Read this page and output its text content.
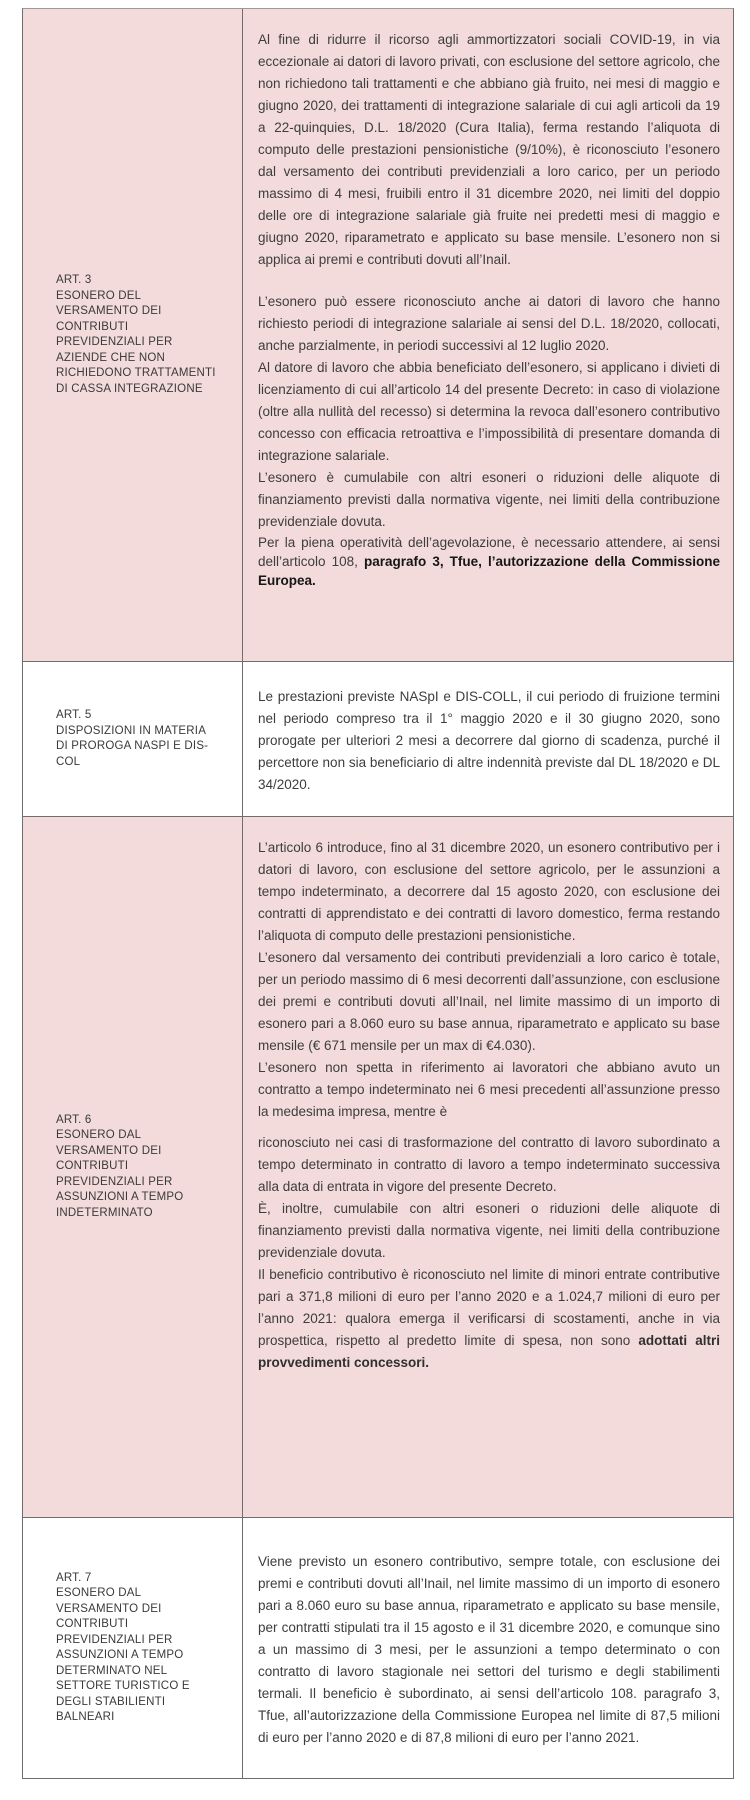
ART. 3
ESONERO DEL VERSAMENTO DEI CONTRIBUTI PREVIDENZIALI PER AZIENDE CHE NON RICHIEDONO TRATTAMENTI DI CASSA INTEGRAZIONE

Al fine di ridurre il ricorso agli ammortizzatori sociali COVID-19, in via eccezionale ai datori di lavoro privati, con esclusione del settore agricolo, che non richiedono tali trattamenti e che abbiano già fruito, nei mesi di maggio e giugno 2020, dei trattamenti di integrazione salariale di cui agli articoli da 19 a 22-quinquies, D.L. 18/2020 (Cura Italia), ferma restando l’aliquota di computo delle prestazioni pensionistiche (9/10%), è riconosciuto l’esonero dal versamento dei contributi previdenziali a loro carico, per un periodo massimo di 4 mesi, fruibili entro il 31 dicembre 2020, nei limiti del doppio delle ore di integrazione salariale già fruite nei predetti mesi di maggio e giugno 2020, riparametrato e applicato su base mensile. L’esonero non si applica ai premi e contributi dovuti all’Inail.

L’esonero può essere riconosciuto anche ai datori di lavoro che hanno richiesto periodi di integrazione salariale ai sensi del D.L. 18/2020, collocati, anche parzialmente, in periodi successivi al 12 luglio 2020.

Al datore di lavoro che abbia beneficiato dell’esonero, si applicano i divieti di licenziamento di cui all’articolo 14 del presente Decreto: in caso di violazione (oltre alla nullità del recesso) si determina la revoca dall’esonero contributivo concesso con efficacia retroattiva e l’impossibilità di presentare domanda di integrazione salariale.

L’esonero è cumulabile con altri esoneri o riduzioni delle aliquote di finanziamento previsti dalla normativa vigente, nei limiti della contribuzione previdenziale dovuta.

Per la piena operatività dell’agevolazione, è necessario attendere, ai sensi dell’articolo 108, paragrafo 3, Tfue, l’autorizzazione della Commissione Europea.

ART. 5
DISPOSIZIONI IN MATERIA DI PROROGA NASPI E DIS-COL

Le prestazioni previste NASpI e DIS-COLL, il cui periodo di fruizione termini nel periodo compreso tra il 1° maggio 2020 e il 30 giugno 2020, sono prorogate per ulteriori 2 mesi a decorrere dal giorno di scadenza, purché il percettore non sia beneficiario di altre indennità previste dal DL 18/2020 e DL 34/2020.

ART. 6
ESONERO DAL VERSAMENTO DEI CONTRIBUTI PREVIDENZIALI PER ASSUNZIONI A TEMPO INDETERMINATO

L’articolo 6 introduce, fino al 31 dicembre 2020, un esonero contributivo per i datori di lavoro, con esclusione del settore agricolo, per le assunzioni a tempo indeterminato, a decorrere dal 15 agosto 2020, con esclusione dei contratti di apprendistato e dei contratti di lavoro domestico, ferma restando l’aliquota di computo delle prestazioni pensionistiche.

L’esonero dal versamento dei contributi previdenziali a loro carico è totale, per un periodo massimo di 6 mesi decorrenti dall’assunzione, con esclusione dei premi e contributi dovuti all’Inail, nel limite massimo di un importo di esonero pari a 8.060 euro su base annua, riparametrato e applicato su base mensile (€ 671 mensile per un max di €4.030).

L’esonero non spetta in riferimento ai lavoratori che abbiano avuto un contratto a tempo indeterminato nei 6 mesi precedenti all’assunzione presso la medesima impresa, mentre è

riconosciuto nei casi di trasformazione del contratto di lavoro subordinato a tempo determinato in contratto di lavoro a tempo indeterminato successiva alla data di entrata in vigore del presente Decreto.

È, inoltre, cumulabile con altri esoneri o riduzioni delle aliquote di finanziamento previsti dalla normativa vigente, nei limiti della contribuzione previdenziale dovuta.

Il beneficio contributivo è riconosciuto nel limite di minori entrate contributive pari a 371,8 milioni di euro per l’anno 2020 e a 1.024,7 milioni di euro per l’anno 2021: qualora emerga il verificarsi di scostamenti, anche in via prospettica, rispetto al predetto limite di spesa, non sono adottati altri provvedimenti concessori.

ART. 7
ESONERO DAL VERSAMENTO DEI CONTRIBUTI PREVIDENZIALI PER ASSUNZIONI A TEMPO DETERMINATO NEL SETTORE TURISTICO E DEGLI STABILIENTI BALNEARI

Viene previsto un esonero contributivo, sempre totale, con esclusione dei premi e contributi dovuti all’Inail, nel limite massimo di un importo di esonero pari a 8.060 euro su base annua, riparametrato e applicato su base mensile, per contratti stipulati tra il 15 agosto e il 31 dicembre 2020, e comunque sino a un massimo di 3 mesi, per le assunzioni a tempo determinato o con contratto di lavoro stagionale nei settori del turismo e degli stabilimenti termali. Il beneficio è subordinato, ai sensi dell’articolo 108. paragrafo 3, Tfue, all’autorizzazione della Commissione Europea nel limite di 87,5 milioni di euro per l’anno 2020 e di 87,8 milioni di euro per l’anno 2021.
